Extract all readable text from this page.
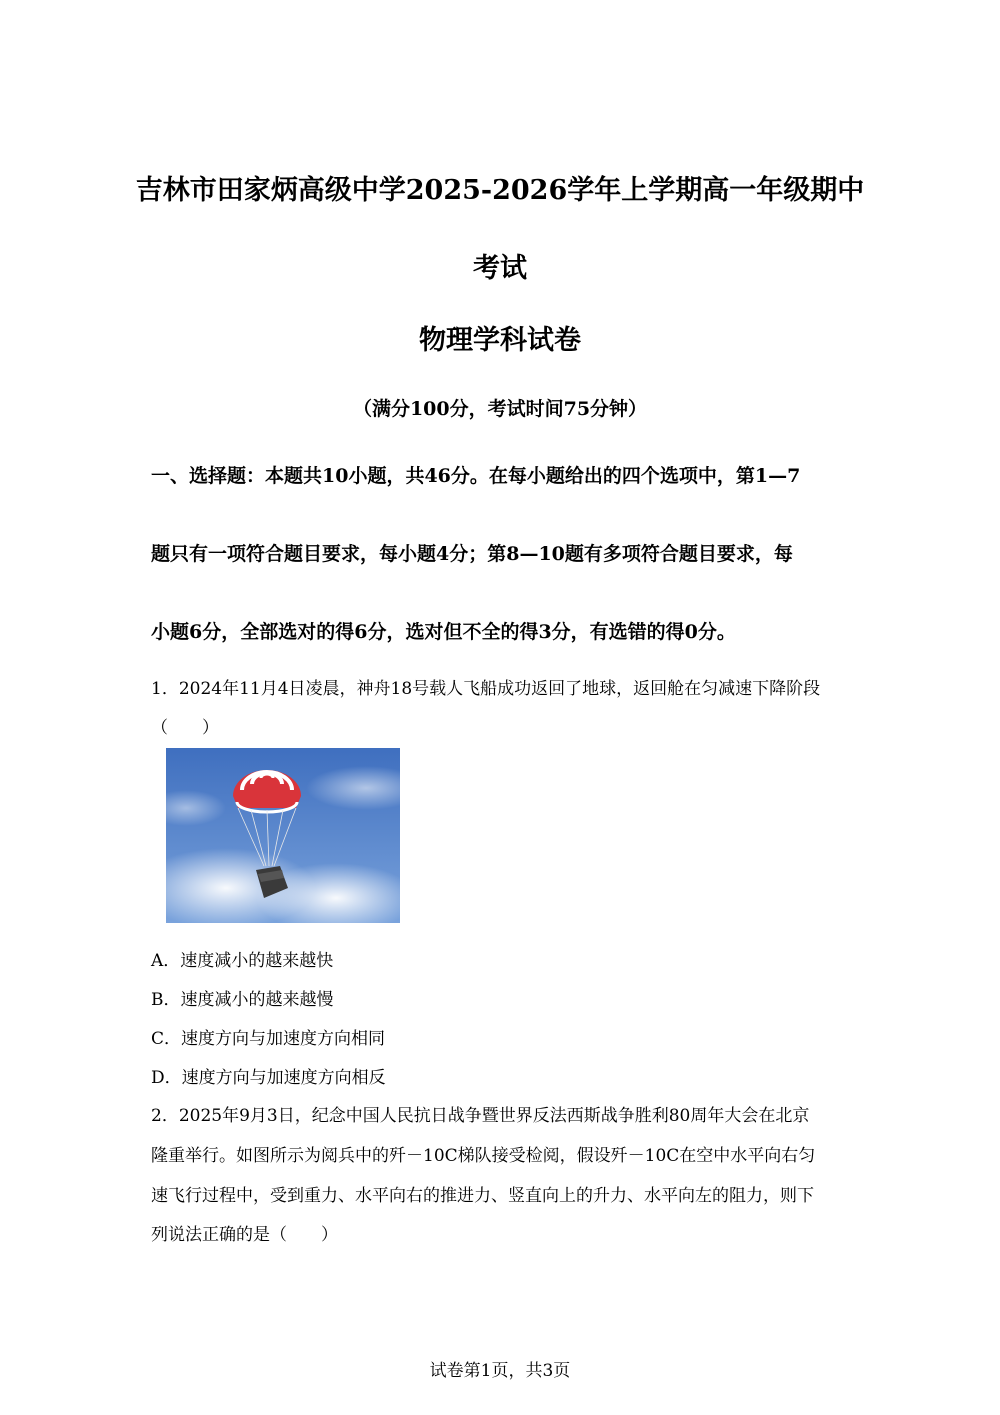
吉林市田家炳高级中学2025-2026学年上学期高一年级期中
考试
物理学科试卷
（满分100分，考试时间75分钟）
一、选择题：本题共10小题，共46分。在每小题给出的四个选项中，第1—7
题只有一项符合题目要求，每小题4分；第8—10题有多项符合题目要求，每
小题6分，全部选对的得6分，选对但不全的得3分，有选错的得0分。
1．2024年11月4日凌晨，神舟18号载人飞船成功返回了地球，返回舱在匀减速下降阶段
（　　）
A．速度减小的越来越快
B．速度减小的越来越慢
C．速度方向与加速度方向相同
D．速度方向与加速度方向相反
2．2025年9月3日，纪念中国人民抗日战争暨世界反法西斯战争胜利80周年大会在北京
隆重举行。如图所示为阅兵中的歼－10C梯队接受检阅，假设歼－10C在空中水平向右匀
速飞行过程中，受到重力、水平向右的推进力、竖直向上的升力、水平向左的阻力，则下
列说法正确的是（　　）
试卷第1页，共3页
